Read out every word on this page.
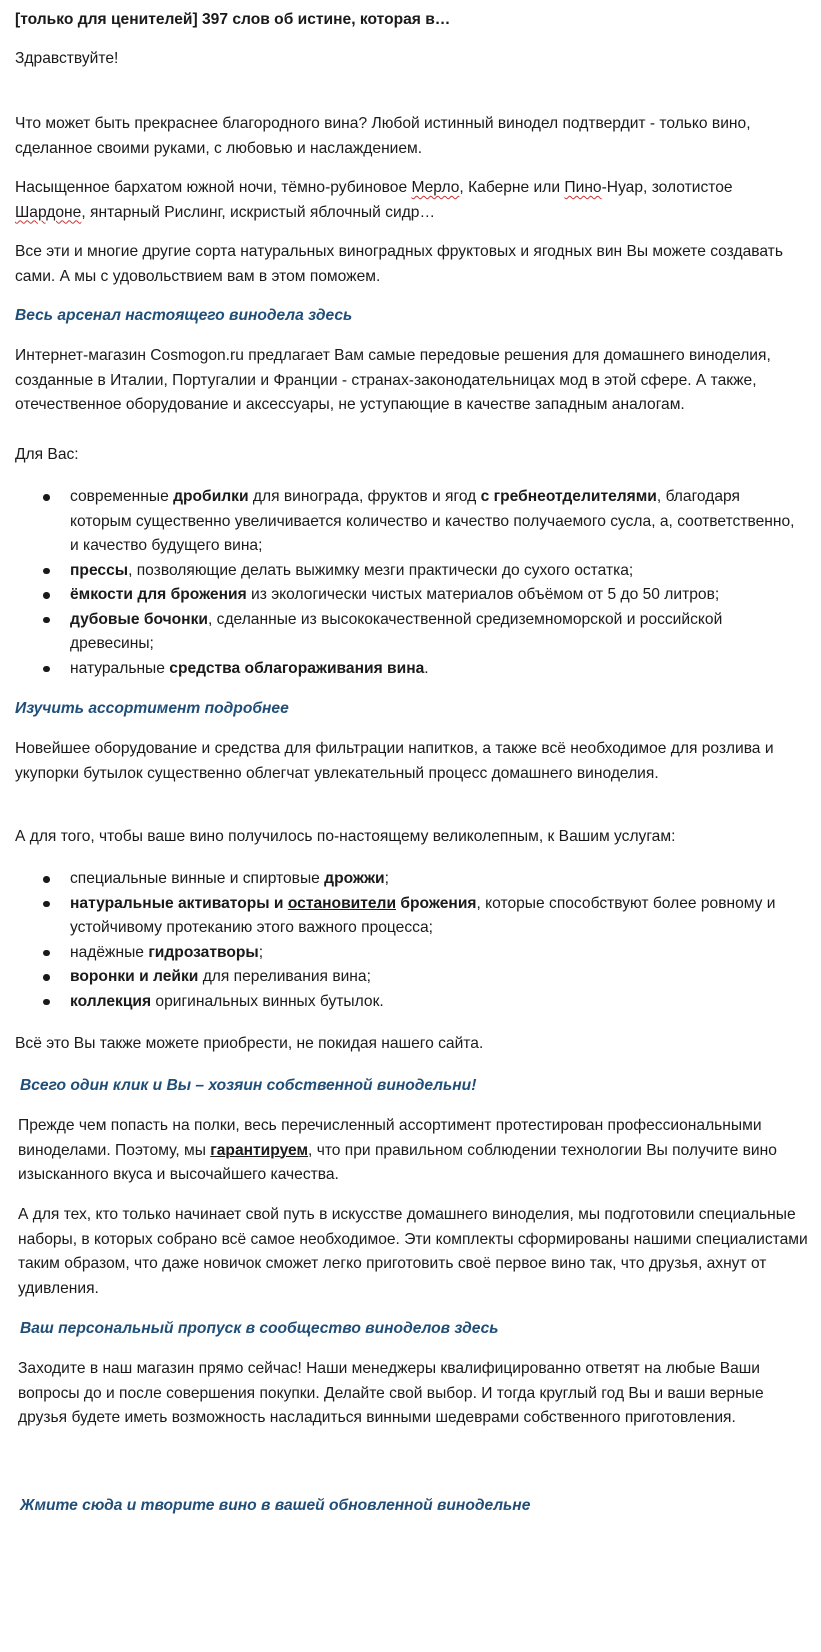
[только для ценителей] 397 слов об истине, которая в…

Здравствуйте!

Что может быть прекраснее благородного вина? Любой истинный винодел подтвердит - только вино, сделанное своими руками, с любовью и наслаждением.

Насыщенное бархатом южной ночи, тёмно-рубиновое Мерло, Каберне или Пино-Нуар, золотистое Шардоне, янтарный Рислинг, искристый яблочный сидр…

Все эти и многие другие сорта натуральных виноградных фруктовых и ягодных вин Вы можете создавать сами. А мы с удовольствием вам в этом поможем.

Весь арсенал настоящего винодела здесь

Интернет-магазин Cosmogon.ru предлагает Вам самые передовые решения для домашнего виноделия, созданные в Италии, Португалии и Франции - странах-законодательницах мод в этой сфере. А также, отечественное оборудование и аксессуары, не уступающие в качестве западным аналогам.

Для Вас:

современные дробилки для винограда, фруктов и ягод с гребнеотделителями, благодаря которым существенно увеличивается количество и качество получаемого сусла, а, соответственно, и качество будущего вина;
прессы, позволяющие делать выжимку мезги практически до сухого остатка;
ёмкости для брожения из экологически чистых материалов объёмом от 5 до 50 литров;
дубовые бочонки, сделанные из высококачественной средиземноморской и российской древесины;
натуральные средства облагораживания вина.
Изучить ассортимент подробнее

Новейшее оборудование и средства для фильтрации напитков, а также всё необходимое для розлива и укупорки бутылок существенно облегчат увлекательный процесс домашнего виноделия.

А для того, чтобы ваше вино получилось по-настоящему великолепным, к Вашим услугам:

специальные винные и спиртовые дрожжи;
натуральные активаторы и остановители брожения, которые способствуют более ровному и устойчивому протеканию этого важного процесса;
надёжные гидрозатворы;
воронки и лейки для переливания вина;
коллекция оригинальных винных бутылок.

Всё это Вы также можете приобрести, не покидая нашего сайта.

Всего один клик и Вы – хозяин собственной винодельни!

Прежде чем попасть на полки, весь перечисленный ассортимент протестирован профессиональными виноделами. Поэтому, мы гарантируем, что при правильном соблюдении технологии Вы получите вино изысканного вкуса и высочайшего качества.

А для тех, кто только начинает свой путь в искусстве домашнего виноделия, мы подготовили специальные наборы, в которых собрано всё самое необходимое. Эти комплекты сформированы нашими специалистами таким образом, что даже новичок сможет легко приготовить своё первое вино так, что друзья, ахнут от удивления.

Ваш персональный пропуск в сообщество виноделов здесь

Заходите в наш магазин прямо сейчас! Наши менеджеры квалифицированно ответят на любые Ваши вопросы до и после совершения покупки. Делайте свой выбор. И тогда круглый год Вы и ваши верные друзья будете иметь возможность насладиться винными шедеврами собственного приготовления.

Жмите сюда и творите вино в вашей обновленной винодельне
